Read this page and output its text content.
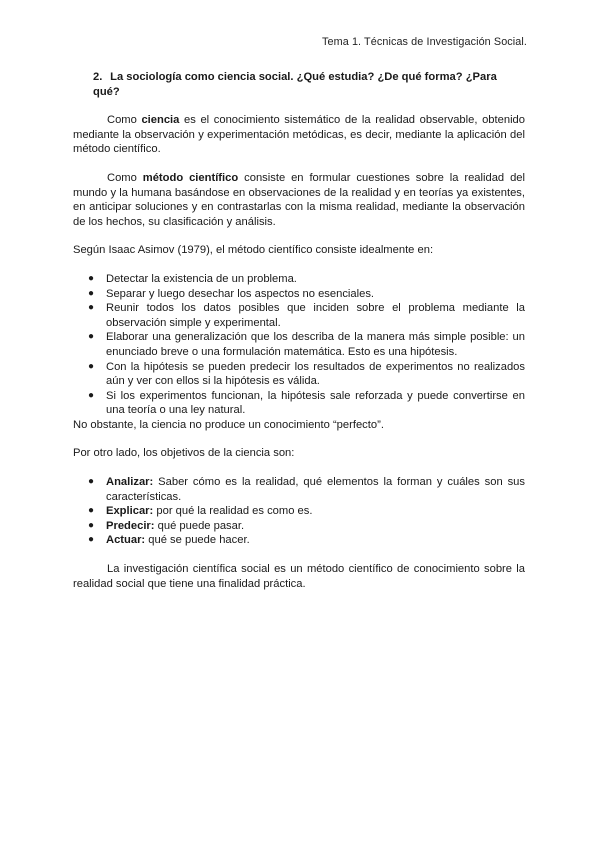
Tema 1. Técnicas de Investigación Social.
2. La sociología como ciencia social. ¿Qué estudia? ¿De qué forma? ¿Para qué?

Como ciencia es el conocimiento sistemático de la realidad observable, obtenido mediante la observación y experimentación metódicas, es decir, mediante la aplicación del método científico.

Como método científico consiste en formular cuestiones sobre la realidad del mundo y la humana basándose en observaciones de la realidad y en teorías ya existentes, en anticipar soluciones y en contrastarlas con la misma realidad, mediante la observación de los hechos, su clasificación y análisis.

Según Isaac Asimov (1979), el método científico consiste idealmente en:

● Detectar la existencia de un problema.
● Separar y luego desechar los aspectos no esenciales.
● Reunir todos los datos posibles que inciden sobre el problema mediante la observación simple y experimental.
● Elaborar una generalización que los describa de la manera más simple posible: un enunciado breve o una formulación matemática. Esto es una hipótesis.
● Con la hipótesis se pueden predecir los resultados de experimentos no realizados aún y ver con ellos si la hipótesis es válida.
● Si los experimentos funcionan, la hipótesis sale reforzada y puede convertirse en una teoría o una ley natural.

No obstante, la ciencia no produce un conocimiento “perfecto”.

Por otro lado, los objetivos de la ciencia son:

● Analizar: Saber cómo es la realidad, qué elementos la forman y cuáles son sus características.
● Explicar: por qué la realidad es como es.
● Predecir: qué puede pasar.
● Actuar: qué se puede hacer.

La investigación científica social es un método científico de conocimiento sobre la realidad social que tiene una finalidad práctica.
